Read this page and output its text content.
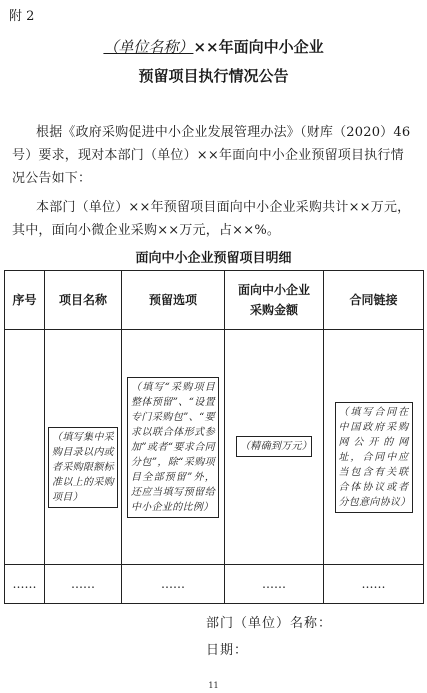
附 2
（单位名称）××年面向中小企业
预留项目执行情况公告
根据《政府采购促进中小企业发展管理办法》（财库（2020）46 号）要求，现对本部门（单位）××年面向中小企业预留项目执行情况公告如下：
本部门（单位）××年预留项目面向中小企业采购共计××万元，其中，面向小微企业采购××万元，占××%。
面向中小企业预留项目明细
序号	项目名称	预留选项	面向中小企业采购金额	合同链接
	（填写集中采购目录以内或者采购限额标准以上的采购项目）	（填写“采购项目整体预留”、“设置专门采购包”、“要求以联合体形式参加”或者“要求合同分包”，除“采购项目全部预留”外，还应当填写预留给中小企业的比例）	（精确到万元）	（填写合同在中国政府采购网公开的网址，合同中应当包含有关联合体协议或者分包意向协议）
……	……	……	……	……
部门（单位）名称：
日期：
11
